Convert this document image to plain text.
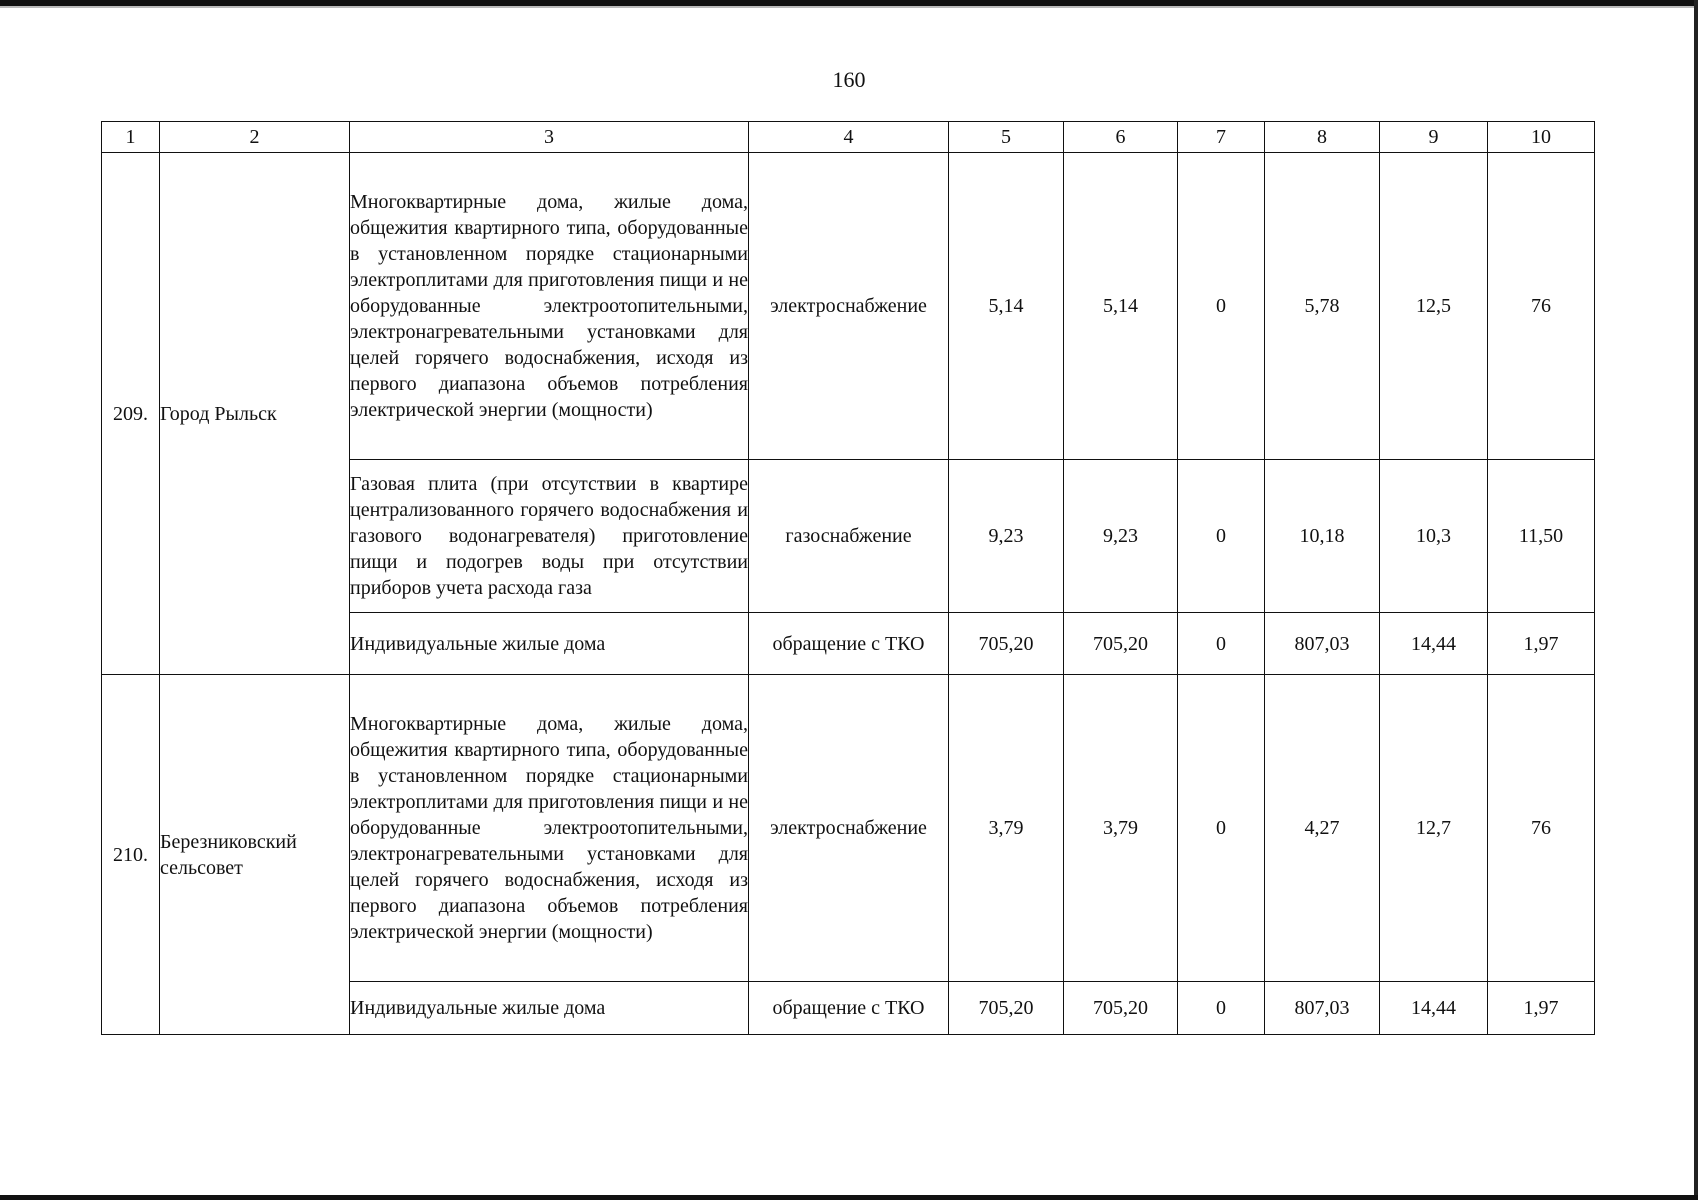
160
1	2	3	4	5	6	7	8	9	10
209.	Город Рыльск	Многоквартирные дома, жилые дома, общежития квартирного типа, оборудованные в установленном порядке стационарными электроплитами для приготовления пищи и не оборудованные электроотопительными, электронагревательными установками для целей горячего водоснабжения, исходя из первого диапазона объемов потребления электрической энергии (мощности)	электроснабжение	5,14	5,14	0	5,78	12,5	76
		Газовая плита (при отсутствии в квартире централизованного горячего водоснабжения и газового водонагревателя) приготовление пищи и подогрев воды при отсутствии приборов учета расхода газа	газоснабжение	9,23	9,23	0	10,18	10,3	11,50
		Индивидуальные жилые дома	обращение с ТКО	705,20	705,20	0	807,03	14,44	1,97
210.	Березниковский сельсовет	Многоквартирные дома, жилые дома, общежития квартирного типа, оборудованные в установленном порядке стационарными электроплитами для приготовления пищи и не оборудованные электроотопительными, электронагревательными установками для целей горячего водоснабжения, исходя из первого диапазона объемов потребления электрической энергии (мощности)	электроснабжение	3,79	3,79	0	4,27	12,7	76
		Индивидуальные жилые дома	обращение с ТКО	705,20	705,20	0	807,03	14,44	1,97
